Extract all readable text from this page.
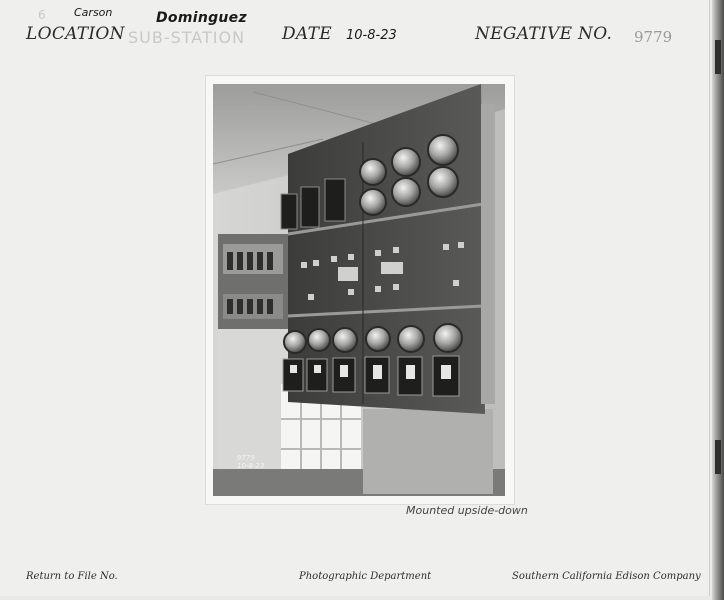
6	Carson	Dominguez
LOCATION SUB-STATION DATE 10-8-23	NEGATIVE NO. 9779
9779
10-8-23
Mounted upside-down
Return to File No.	Photographic Department	Southern California Edison Company
